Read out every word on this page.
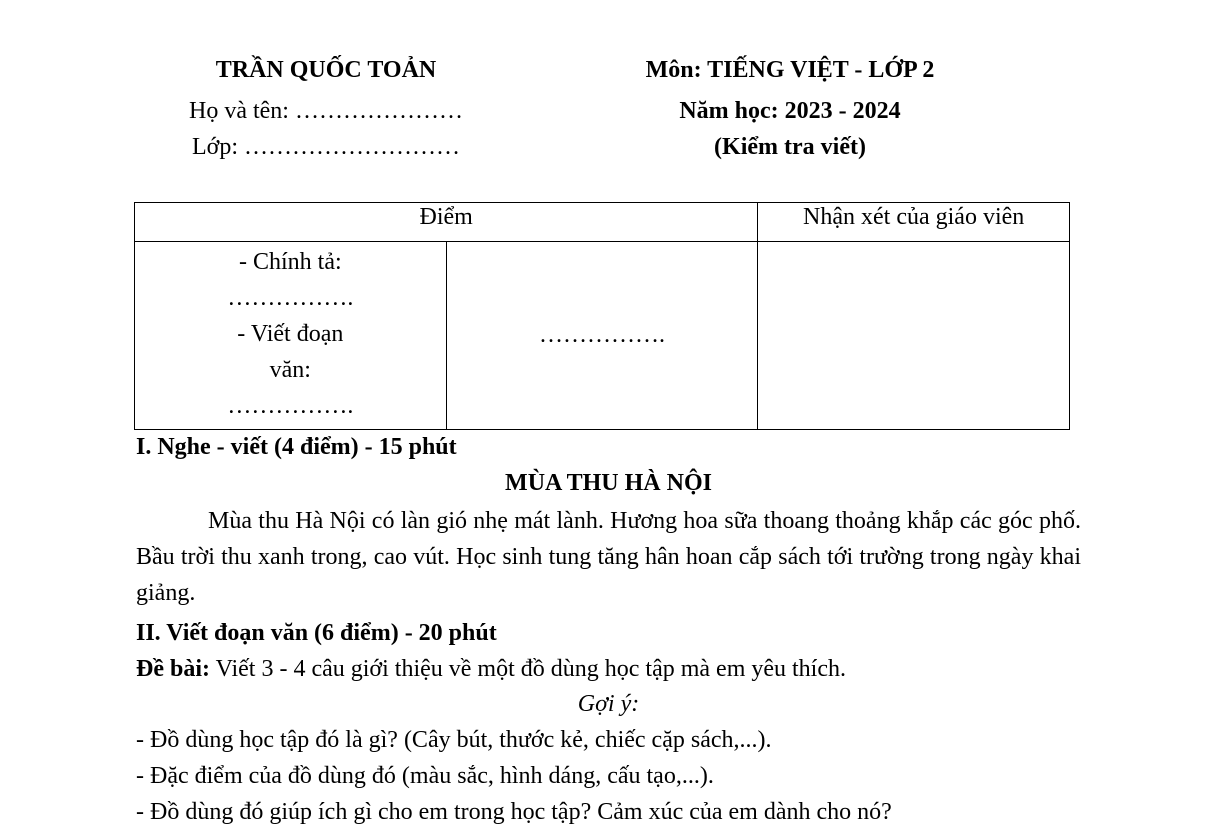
TRẦN QUỐC TOẢN
Họ và tên: …………………
Lớp: ………………………
Môn: TIẾNG VIỆT - LỚP 2
Năm học: 2023 - 2024
(Kiểm tra viết)
Điểm		Nhận xét của giáo viên

- Chính tả:
…………….
- Viết đoạn
văn:
…………….	…………….	
I. Nghe - viết (4 điểm) - 15 phút
MÙA THU HÀ NỘI
Mùa thu Hà Nội có làn gió nhẹ mát lành. Hương hoa sữa thoang thoảng khắp các góc phố. Bầu trời thu xanh trong, cao vút. Học sinh tung tăng hân hoan cắp sách tới trường trong ngày khai giảng.
II. Viết đoạn văn (6 điểm) - 20 phút
Đề bài: Viết 3 - 4 câu giới thiệu về một đồ dùng học tập mà em yêu thích.
Gợi ý:
- Đồ dùng học tập đó là gì? (Cây bút, thước kẻ, chiếc cặp sách,...).
- Đặc điểm của đồ dùng đó (màu sắc, hình dáng, cấu tạo,...).
- Đồ dùng đó giúp ích gì cho em trong học tập? Cảm xúc của em dành cho nó?
